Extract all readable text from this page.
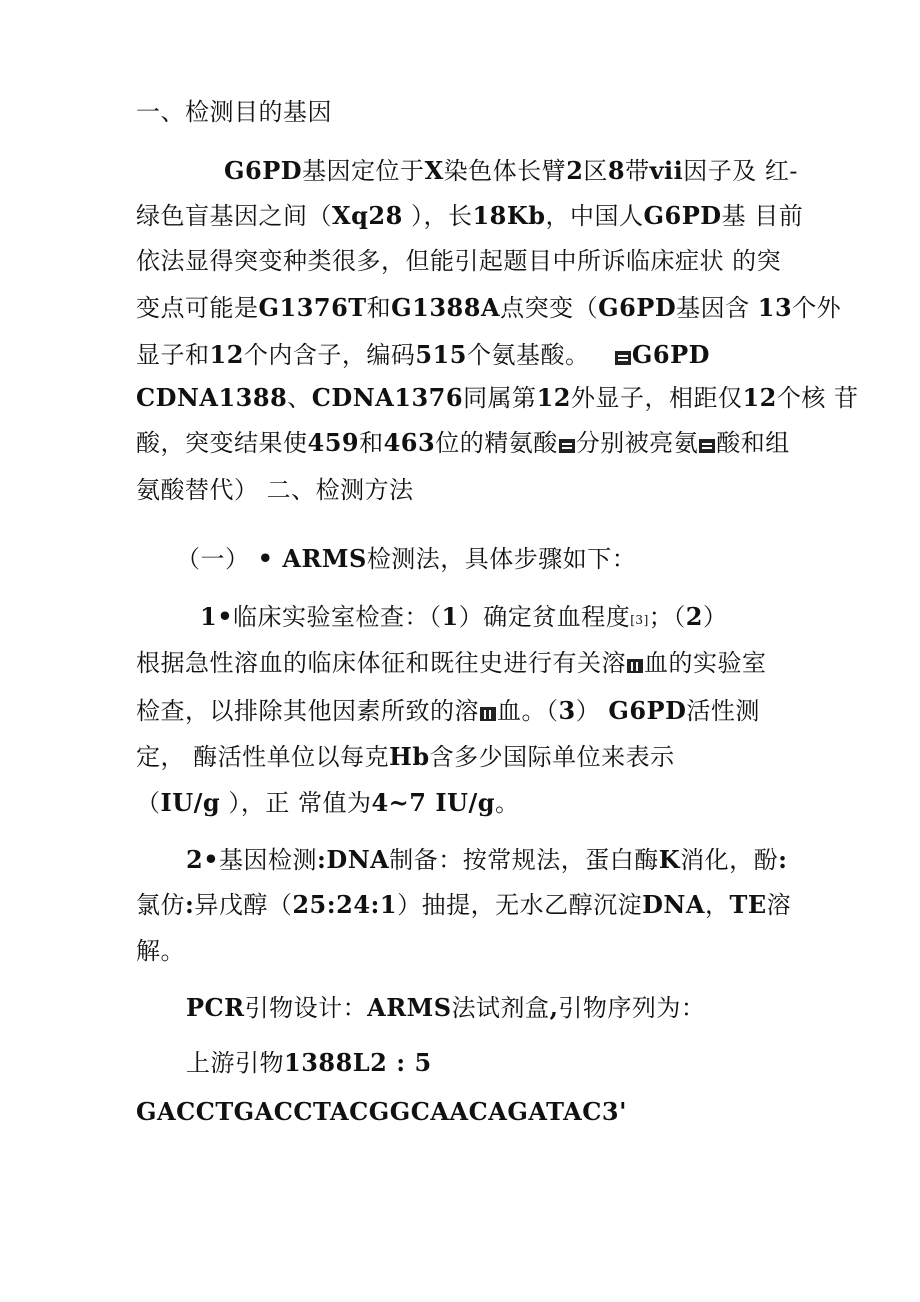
一、检测目的基因
G6PD基因定位于X染色体长臂2区8带vii因子及 红-
绿色盲基因之间（Xq28 ），长18Kb，中国人G6PD基 目前
依法显得突变种类很多，但能引起题目中所诉临床症状 的突
变点可能是G1376T和G1388A点突变（G6PD基因含 13个外
显子和12个内含子，编码515个氨基酸。 G6PD
CDNA1388、CDNA1376同属第12外显子，相距仅12个核 苷
酸，突变结果使459和463位的精氨酸 分别被亮氨 酸和组
氨酸替代） 二、检测方法
（一） • ARMS检测法，具体步骤如下：
1•临床实验室检查：（1）确定贫血程度[3]；（2）
根据急性溶血的临床体征和既往史进行有关溶 血的实验室
检查，以排除其他因素所致的溶 血。（3） G6PD活性测
定， 酶活性单位以每克Hb含多少国际单位来表示
（IU/g ），正 常值为4~7 IU/g。
2•基因检测:DNA制备：按常规法，蛋白酶K消化，酚:
氯仿:异戊醇（25:24:1）抽提，无水乙醇沉淀DNA，TE溶
解。
PCR引物设计：ARMS法试剂盒,引物序列为：
上游引物1388L2 : 5
GACCTGACCTACGGCAACAGATAC3'
